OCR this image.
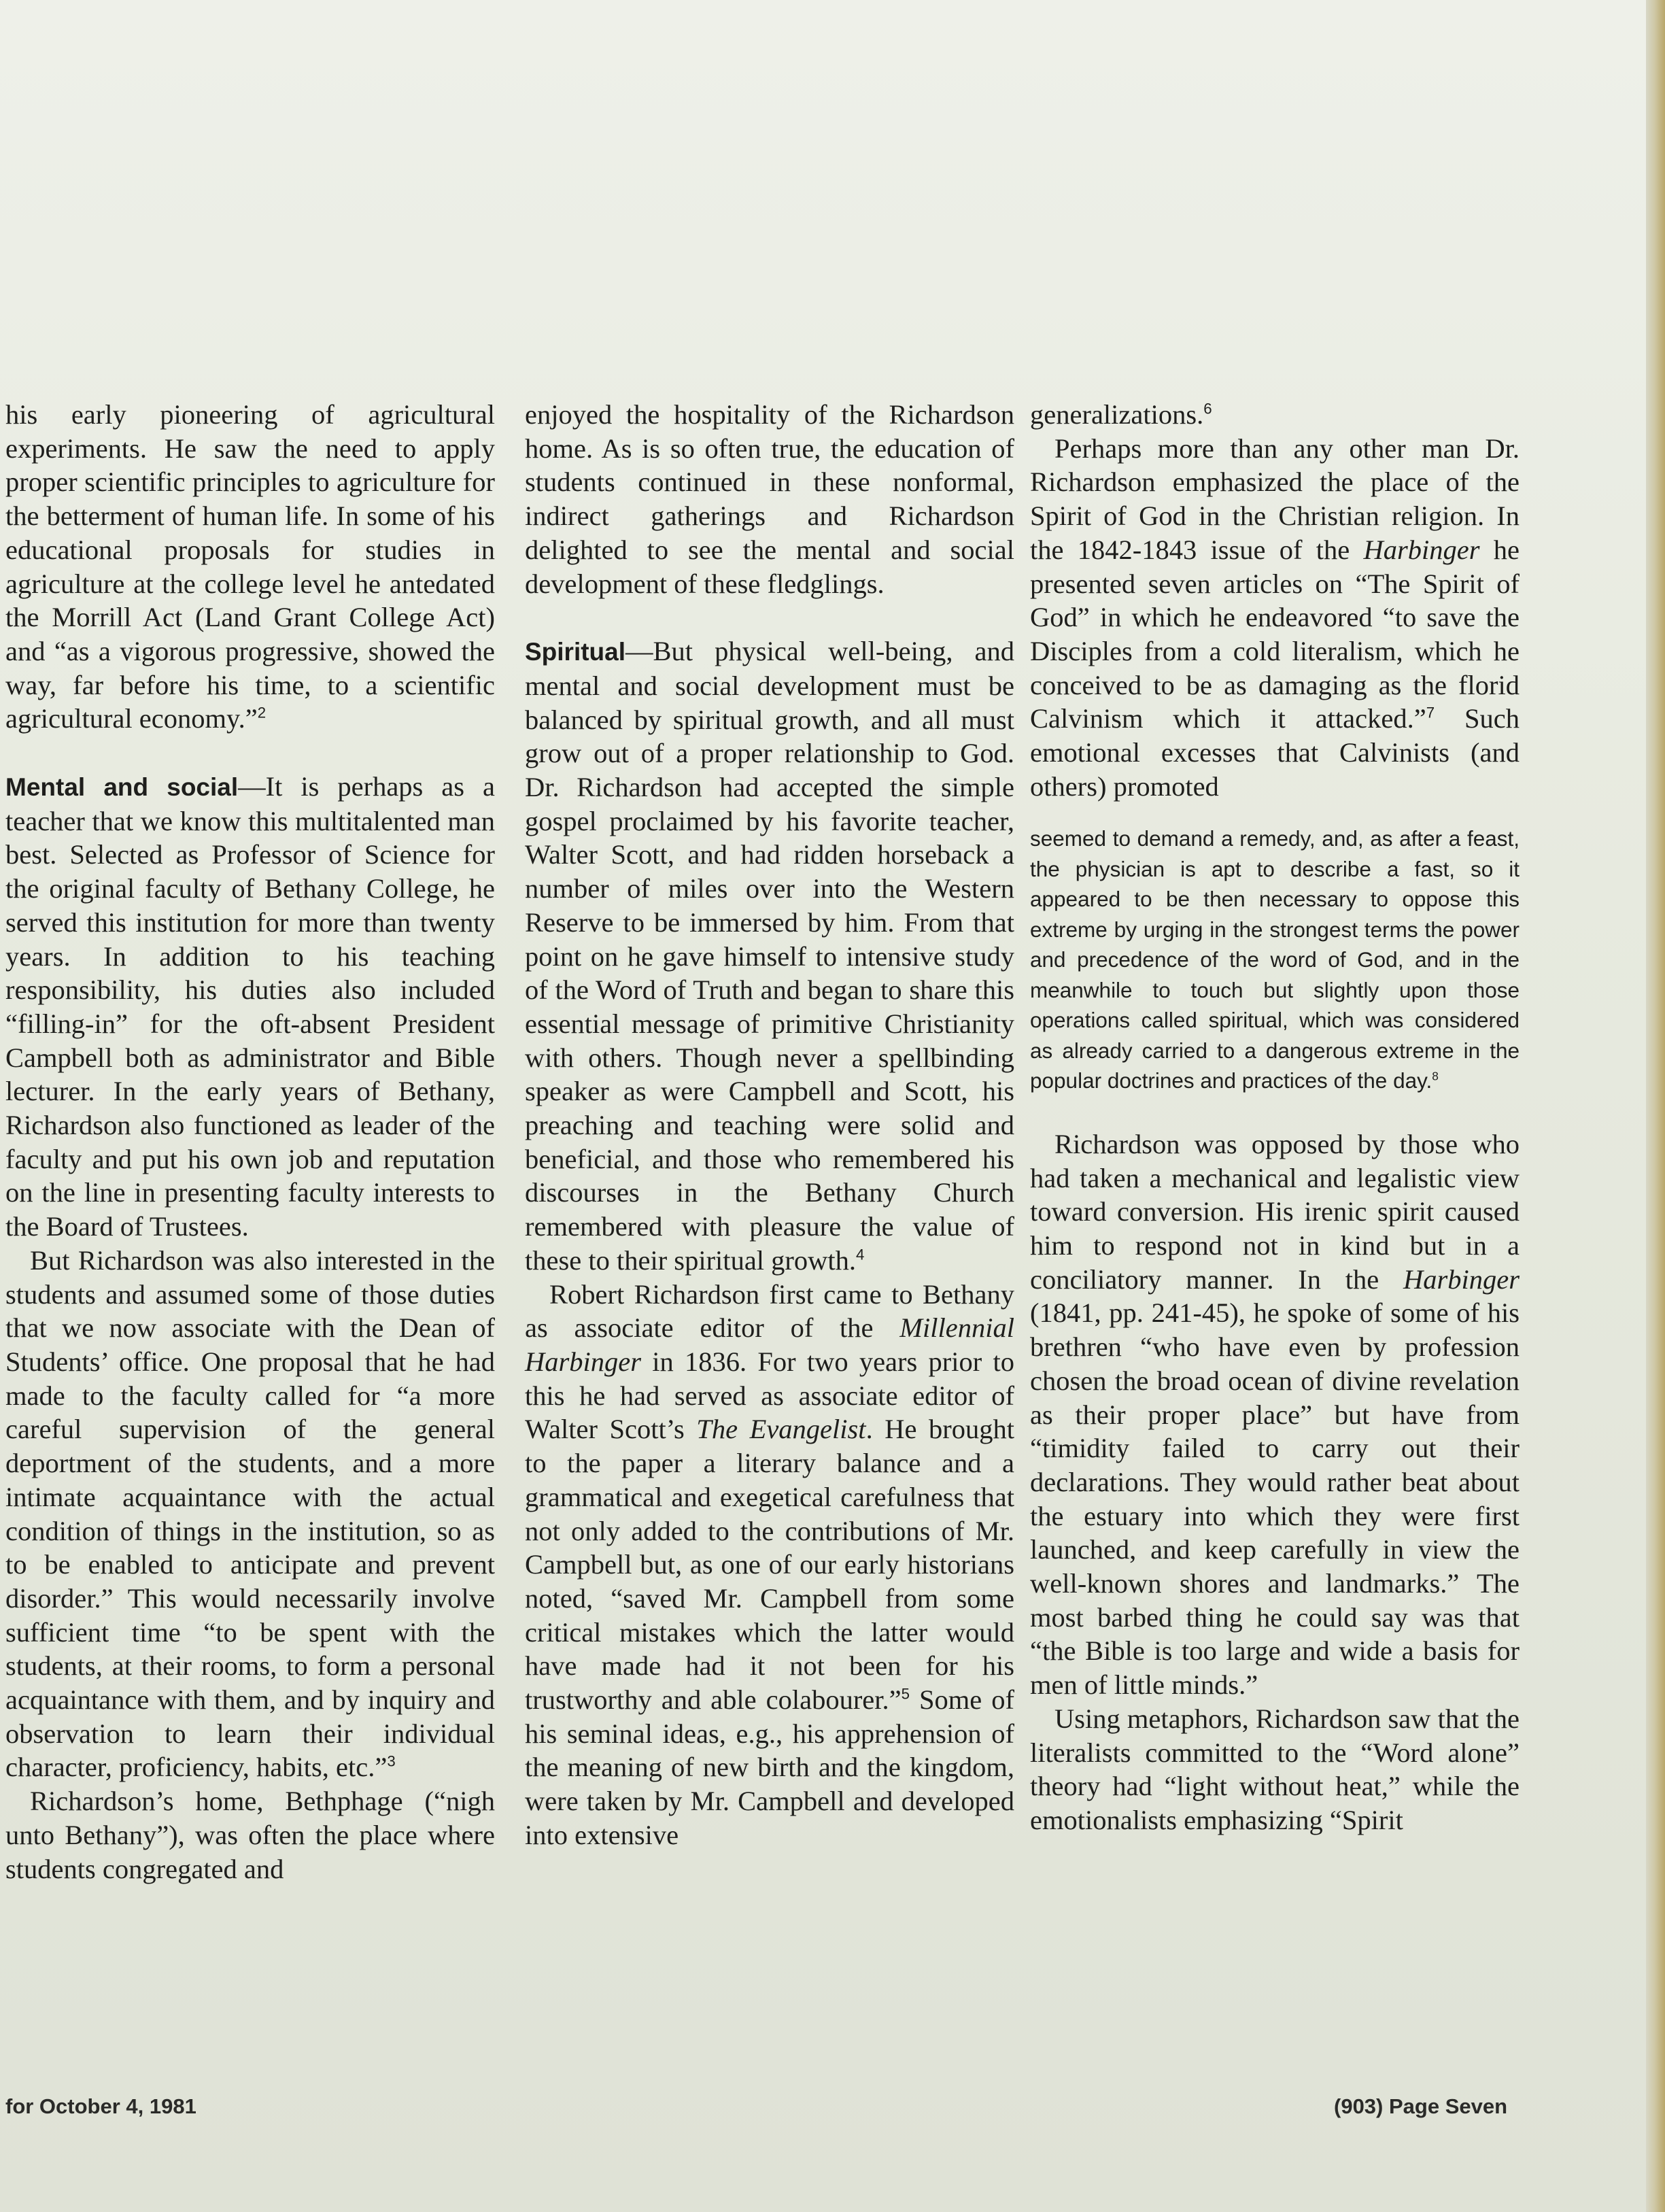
his early pioneering of agricultural experiments. He saw the need to apply proper scientific principles to agriculture for the betterment of human life. In some of his educational proposals for studies in agriculture at the college level he antedated the Morrill Act (Land Grant College Act) and “as a vigorous progressive, showed the way, far before his time, to a scientific agricultural economy.”$^2$

Mental and social—It is perhaps as a teacher that we know this multitalented man best. Selected as Professor of Science for the original faculty of Bethany College, he served this institution for more than twenty years. In addition to his teaching responsibility, his duties also included “filling-in” for the oft-absent President Campbell both as administrator and Bible lecturer. In the early years of Bethany, Richardson also functioned as leader of the faculty and put his own job and reputation on the line in presenting faculty interests to the Board of Trustees.

But Richardson was also interested in the students and assumed some of those duties that we now associate with the Dean of Students’ office. One proposal that he had made to the faculty called for “a more careful supervision of the general deportment of the students, and a more intimate acquaintance with the actual condition of things in the institution, so as to be enabled to anticipate and prevent disorder.” This would necessarily involve sufficient time “to be spent with the students, at their rooms, to form a personal acquaintance with them, and by inquiry and observation to learn their individual character, proficiency, habits, etc.”$^3$

Richardson’s home, Bethphage (“nigh unto Bethany”), was often the place where students congregated and

enjoyed the hospitality of the Richardson home. As is so often true, the education of students continued in these nonformal, indirect gatherings and Richardson delighted to see the mental and social development of these fledglings.

Spiritual—But physical well-being, and mental and social development must be balanced by spiritual growth, and all must grow out of a proper relationship to God. Dr. Richardson had accepted the simple gospel proclaimed by his favorite teacher, Walter Scott, and had ridden horseback a number of miles over into the Western Reserve to be immersed by him. From that point on he gave himself to intensive study of the Word of Truth and began to share this essential message of primitive Christianity with others. Though never a spellbinding speaker as were Campbell and Scott, his preaching and teaching were solid and beneficial, and those who remembered his discourses in the Bethany Church remembered with pleasure the value of these to their spiritual growth.$^4$

Robert Richardson first came to Bethany as associate editor of the Millennial Harbinger in 1836. For two years prior to this he had served as associate editor of Walter Scott’s The Evangelist. He brought to the paper a literary balance and a grammatical and exegetical carefulness that not only added to the contributions of Mr. Campbell but, as one of our early historians noted, “saved Mr. Campbell from some critical mistakes which the latter would have made had it not been for his trustworthy and able colabourer.”$^5$ Some of his seminal ideas, e.g., his apprehension of the meaning of new birth and the kingdom, were taken by Mr. Campbell and developed into extensive

generalizations.$^6$

Perhaps more than any other man Dr. Richardson emphasized the place of the Spirit of God in the Christian religion. In the 1842-1843 issue of the Harbinger he presented seven articles on “The Spirit of God” in which he endeavored “to save the Disciples from a cold literalism, which he conceived to be as damaging as the florid Calvinism which it attacked.”$^7$ Such emotional excesses that Calvinists (and others) promoted

seemed to demand a remedy, and, as after a feast, the physician is apt to describe a fast, so it appeared to be then necessary to oppose this extreme by urging in the strongest terms the power and precedence of the word of God, and in the meanwhile to touch but slightly upon those operations called spiritual, which was considered as already carried to a dangerous extreme in the popular doctrines and practices of the day.$^8$

Richardson was opposed by those who had taken a mechanical and legalistic view toward conversion. His irenic spirit caused him to respond not in kind but in a conciliatory manner. In the Harbinger (1841, pp. 241-45), he spoke of some of his brethren “who have even by profession chosen the broad ocean of divine revelation as their proper place” but have from “timidity failed to carry out their declarations. They would rather beat about the estuary into which they were first launched, and keep carefully in view the well-known shores and landmarks.” The most barbed thing he could say was that “the Bible is too large and wide a basis for men of little minds.”

Using metaphors, Richardson saw that the literalists committed to the “Word alone” theory had “light without heat,” while the emotionalists emphasizing “Spirit

for October 4, 1981	(903) Page Seven
